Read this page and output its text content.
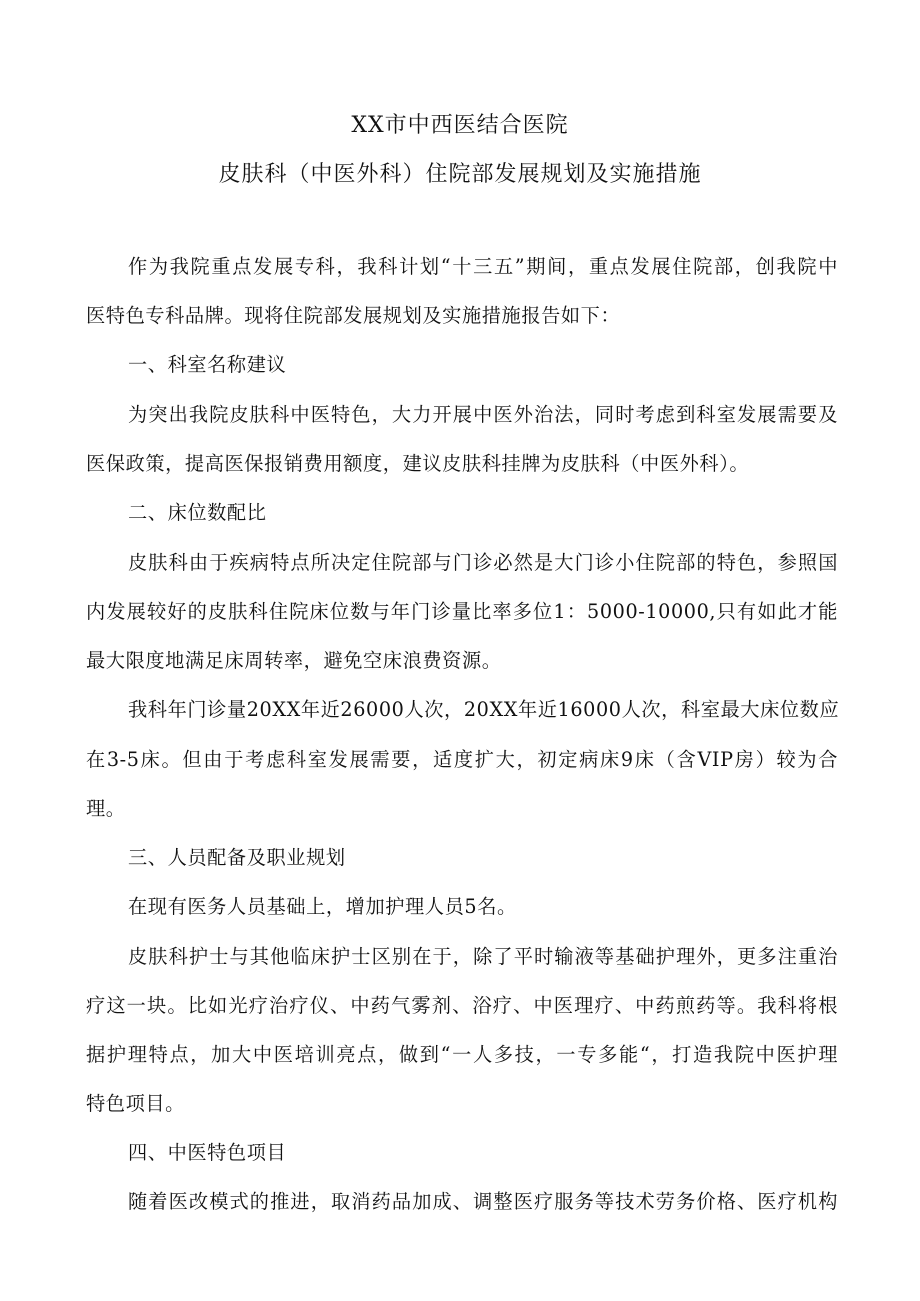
XX市中西医结合医院
皮肤科（中医外科）住院部发展规划及实施措施
作为我院重点发展专科，我科计划“十三五”期间，重点发展住院部，创我院中
医特色专科品牌。现将住院部发展规划及实施措施报告如下：
一、科室名称建议
为突出我院皮肤科中医特色，大力开展中医外治法，同时考虑到科室发展需要及
医保政策，提高医保报销费用额度，建议皮肤科挂牌为皮肤科（中医外科）。
二、床位数配比
皮肤科由于疾病特点所决定住院部与门诊必然是大门诊小住院部的特色，参照国
内发展较好的皮肤科住院床位数与年门诊量比率多位1：5000-10000,只有如此才能
最大限度地满足床周转率，避免空床浪费资源。
我科年门诊量20XX年近26000人次，20XX年近16000人次，科室最大床位数应
在3-5床。但由于考虑科室发展需要，适度扩大，初定病床9床（含VIP房）较为合
理。
三、人员配备及职业规划
在现有医务人员基础上，增加护理人员5名。
皮肤科护士与其他临床护士区别在于，除了平时输液等基础护理外，更多注重治
疗这一块。比如光疗治疗仪、中药气雾剂、浴疗、中医理疗、中药煎药等。我科将根
据护理特点，加大中医培训亮点，做到“一人多技，一专多能“，打造我院中医护理
特色项目。
四、中医特色项目
随着医改模式的推进，取消药品加成、调整医疗服务等技术劳务价格、医疗机构
